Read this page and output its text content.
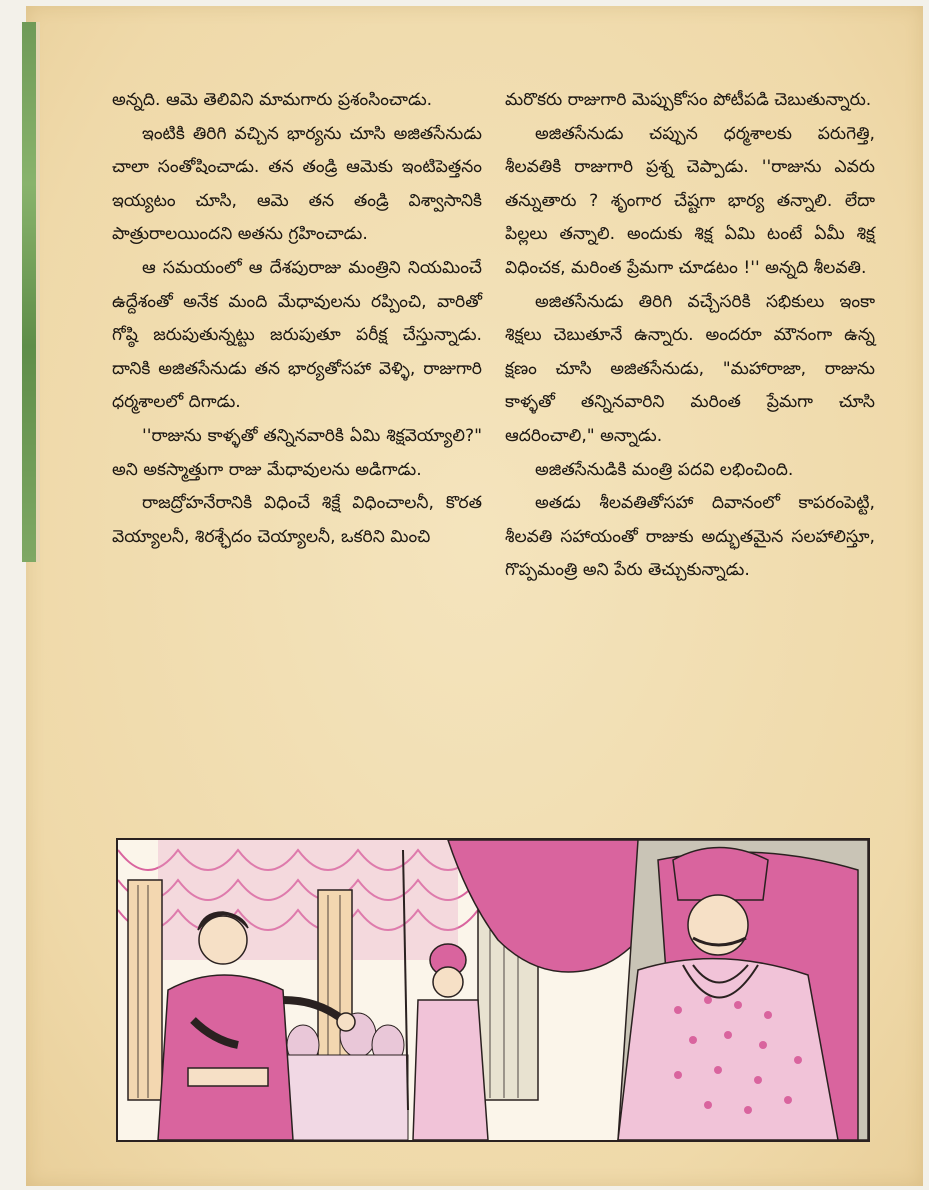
అన్నది. ఆమె తెలివిని మామగారు ప్రశంసించాడు.

ఇంటికి తిరిగి వచ్చిన భార్యను చూసి అజితసేనుడు చాలా సంతోషించాడు. తన తండ్రి ఆమెకు ఇంటిపెత్తనం ఇయ్యటం చూసి, ఆమె తన తండ్రి విశ్వాసానికి పాత్రురాలయిందని అతను గ్రహించాడు.

ఆ సమయంలో ఆ దేశపురాజు మంత్రిని నియమించే ఉద్దేశంతో అనేక మంది మేధావులను రప్పించి, వారితో గోష్ఠి జరుపుతున్నట్టు జరుపుతూ పరీక్ష చేస్తున్నాడు. దానికి అజితసేనుడు తన భార్యతోసహా వెళ్ళి, రాజుగారి ధర్మశాలలో దిగాడు.

''రాజును కాళ్ళతో తన్నినవారికి ఏమి శిక్షవెయ్యాలి?" అని అకస్మాత్తుగా రాజు మేధావులను అడిగాడు.

రాజద్రోహనేరానికి విధించే శిక్షే విధించాలనీ, కొరత వెయ్యాలనీ, శిరశ్ఛేదం చెయ్యాలనీ, ఒకరిని మించి

మరొకరు రాజుగారి మెప్పుకోసం పోటీపడి చెబుతున్నారు.

అజితసేనుడు చప్పున ధర్మశాలకు పరుగెత్తి, శీలవతికి రాజుగారి ప్రశ్న చెప్పాడు. ''రాజును ఎవరు తన్నుతారు ? శృంగార చేష్టగా భార్య తన్నాలి. లేదా పిల్లలు తన్నాలి. అందుకు శిక్ష ఏమి టంటే ఏమీ శిక్ష విధించక, మరింత ప్రేమగా చూడటం !'' అన్నది శీలవతి.

అజితసేనుడు తిరిగి వచ్చేసరికి సభికులు ఇంకా శిక్షలు చెబుతూనే ఉన్నారు. అందరూ మౌనంగా ఉన్న క్షణం చూసి అజితసేనుడు, "మహారాజా, రాజును కాళ్ళతో తన్నినవారిని మరింత ప్రేమగా చూసి ఆదరించాలి," అన్నాడు.

అజితసేనుడికి మంత్రి పదవి లభించింది.

అతడు శీలవతితోసహా దివానంలో కాపరంపెట్టి, శీలవతి సహాయంతో రాజుకు అద్భుతమైన సలహాలిస్తూ, గొప్పమంత్రి అని పేరు తెచ్చుకున్నాడు.
